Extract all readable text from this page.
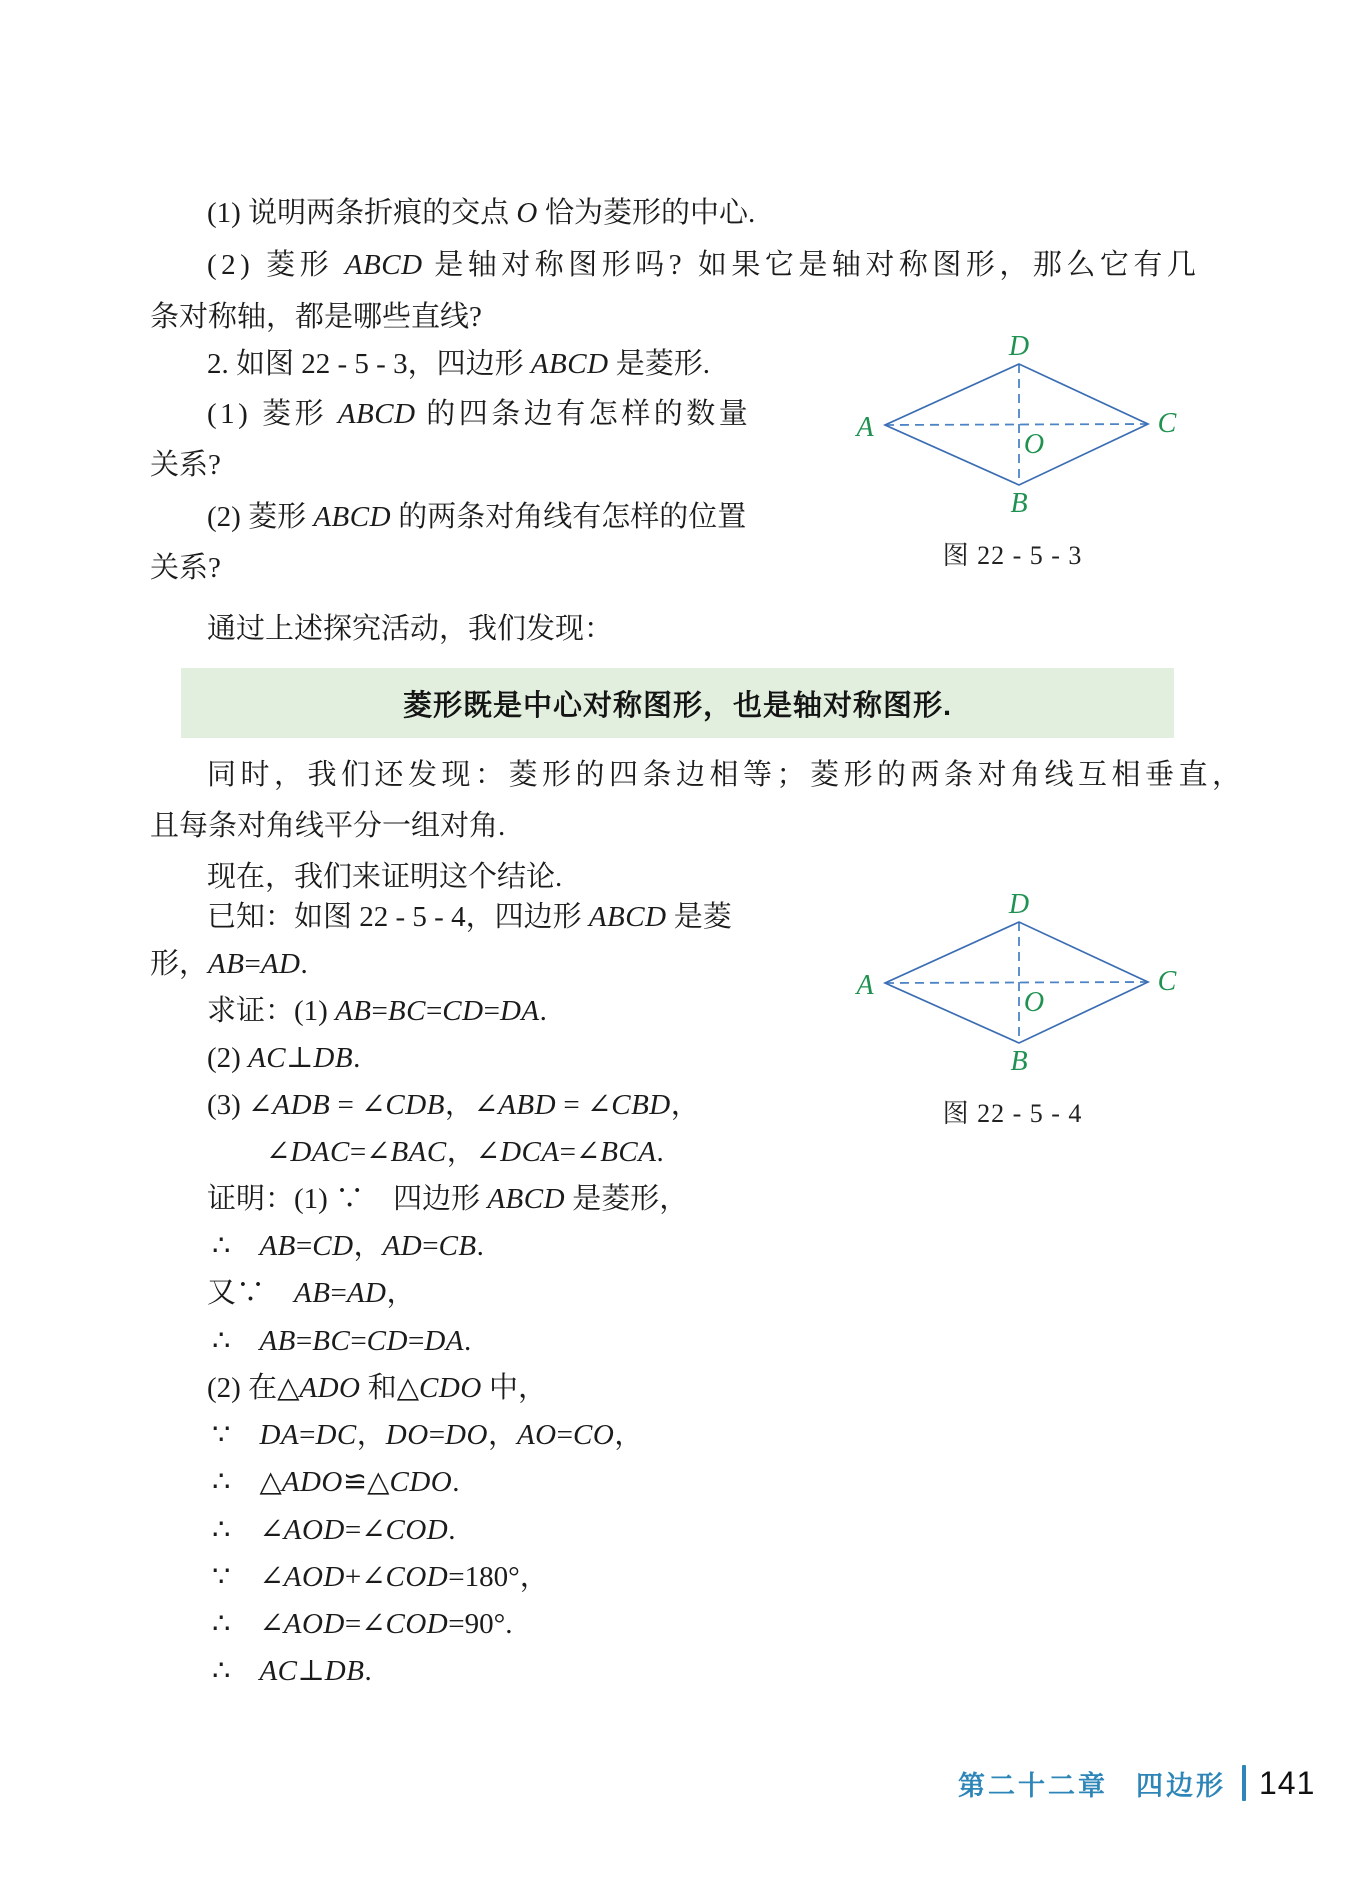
(1) 说明两条折痕的交点 O 恰为菱形的中心.
(2) 菱形 ABCD 是轴对称图形吗? 如果它是轴对称图形，那么它有几
条对称轴，都是哪些直线?
2. 如图 22 - 5 - 3，四边形 ABCD 是菱形.
(1) 菱形 ABCD 的四条边有怎样的数量
关系?
(2) 菱形 ABCD 的两条对角线有怎样的位置
关系?
通过上述探究活动，我们发现：
菱形既是中心对称图形，也是轴对称图形.
同时，我们还发现：菱形的四条边相等；菱形的两条对角线互相垂直，
且每条对角线平分一组对角.
现在，我们来证明这个结论.
已知：如图 22 - 5 - 4，四边形 ABCD 是菱
形，AB=AD.
求证：(1) AB=BC=CD=DA.
(2) AC⊥DB.
(3) ∠ADB = ∠CDB，∠ABD = ∠CBD，
∠DAC=∠BAC，∠DCA=∠BCA.
证明：(1) ∵　四边形 ABCD 是菱形，
∴　AB=CD，AD=CB.
又∵　AB=AD，
∴　AB=BC=CD=DA.
(2) 在△ADO 和△CDO 中，
∵　DA=DC，DO=DO，AO=CO，
∴　△ADO≌△CDO.
∴　∠AOD=∠COD.
∵　∠AOD+∠COD=180°，
∴　∠AOD=∠COD=90°.
∴　AC⊥DB.
D
A	C
B
O
图 22 - 5 - 3
D
A	C
B
O
图 22 - 5 - 4
第二十二章 四边形 141
